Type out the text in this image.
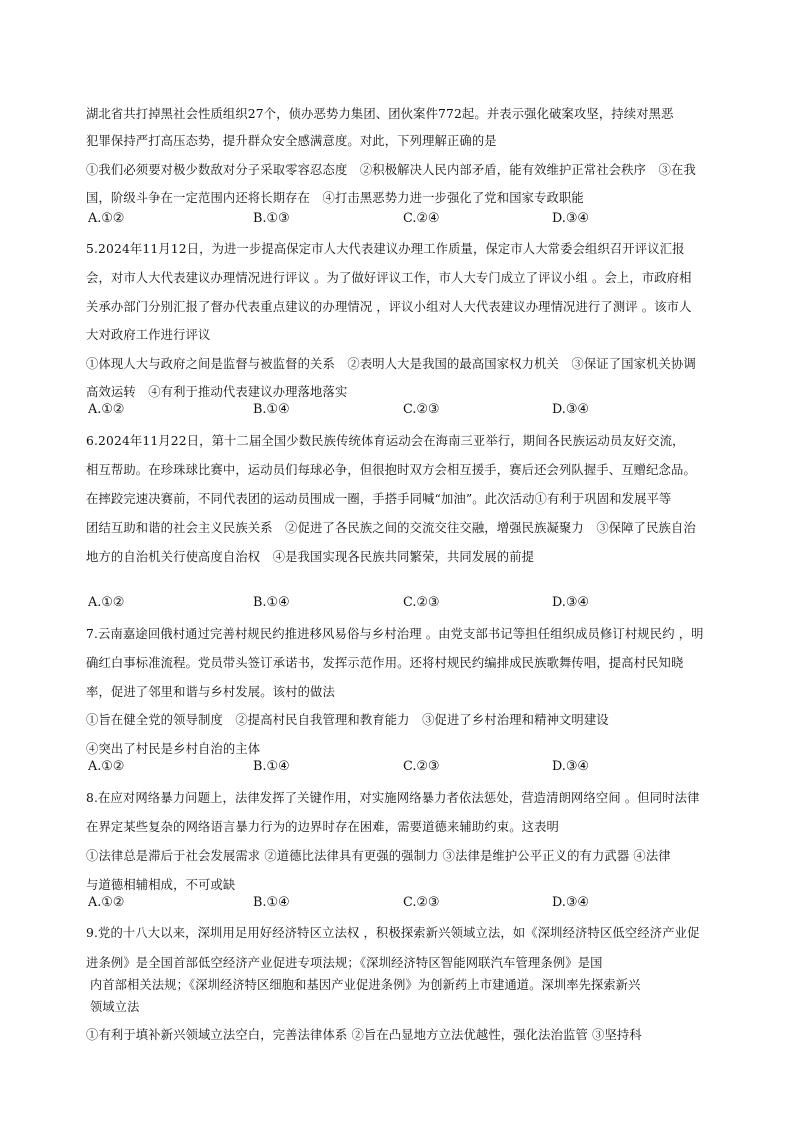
湖北省共打掉黑社会性质组织27个，侦办恶势力集团、团伙案件772起。并表示强化破案攻坚，持续对黑恶
犯罪保持严打高压态势，提升群众安全感满意度。对此，下列理解正确的是
①我们必须要对极少数敌对分子采取零容忍态度　②积极解决人民内部矛盾，能有效维护正常社会秩序　③在我
国，阶级斗争在一定范围内还将长期存在　④打击黑恶势力进一步强化了党和国家专政职能
A.①②	B.①③	C.②④	D.③④
5.2024年11月12日，为进一步提高保定市人大代表建议办理工作质量，保定市人大常委会组织召开评议汇报
会，对市人大代表建议办理情况进行评议 。为了做好评议工作，市人大专门成立了评议小组 。会上，市政府相
关承办部门分别汇报了督办代表重点建议的办理情况 ，评议小组对人大代表建议办理情况进行了测评 。该市人
大对政府工作进行评议
①体现人大与政府之间是监督与被监督的关系　②表明人大是我国的最高国家权力机关　③保证了国家机关协调
高效运转　④有利于推动代表建议办理落地落实
A.①②	B.①④	C.②③	D.③④
6.2024年11月22日，第十二届全国少数民族传统体育运动会在海南三亚举行，期间各民族运动员友好交流，
相互帮助。在珍珠球比赛中，运动员们每球必争，但很抱时双方会相互援手，赛后还会列队握手、互赠纪念品。
在摔跤完速决赛前，不同代表团的运动员围成一圈，手搭手同喊“加油”。此次活动①有利于巩固和发展平等
团结互助和谐的社会主义民族关系　②促进了各民族之间的交流交往交融，增强民族凝聚力　③保障了民族自治
地方的自治机关行使高度自治权　④是我国实现各民族共同繁荣，共同发展的前提
A.①②	B.①④	C.②③	D.③④
7.云南嘉途回俄村通过完善村规民约推进移风易俗与乡村治理 。由党支部书记等担任组织成员修订村规民约 ，明
确红白事标准流程。党员带头签订承诺书，发挥示范作用。还将村规民约编排成民族歌舞传唱，提高村民知晓
率，促进了邻里和谐与乡村发展。该村的做法
①旨在健全党的领导制度　②提高村民自我管理和教育能力　③促进了乡村治理和精神文明建设
④突出了村民是乡村自治的主体
A.①②	B.①④	C.②③	D.③④
8.在应对网络暴力问题上，法律发挥了关键作用，对实施网络暴力者依法惩处，营造清朗网络空间 。但同时法律
在界定某些复杂的网络语言暴力行为的边界时存在困难，需要道德来辅助约束。这表明
①法律总是滞后于社会发展需求 ②道德比法律具有更强的强制力 ③法律是维护公平正义的有力武器 ④法律
与道德相辅相成，不可或缺
A.①②	B.①④	C.②③	D.③④
9.党的十八大以来，深圳用足用好经济特区立法权 ，积极探索新兴领域立法，如《深圳经济特区低空经济产业促
进条例》是全国首部低空经济产业促进专项法规；《深圳经济特区智能网联汽车管理条例》是国
内首部相关法规；《深圳经济特区细胞和基因产业促进条例》为创新药上市建通道。深圳率先探索新兴
领域立法
①有利于填补新兴领域立法空白，完善法律体系 ②旨在凸显地方立法优越性，强化法治监管 ③坚持科
